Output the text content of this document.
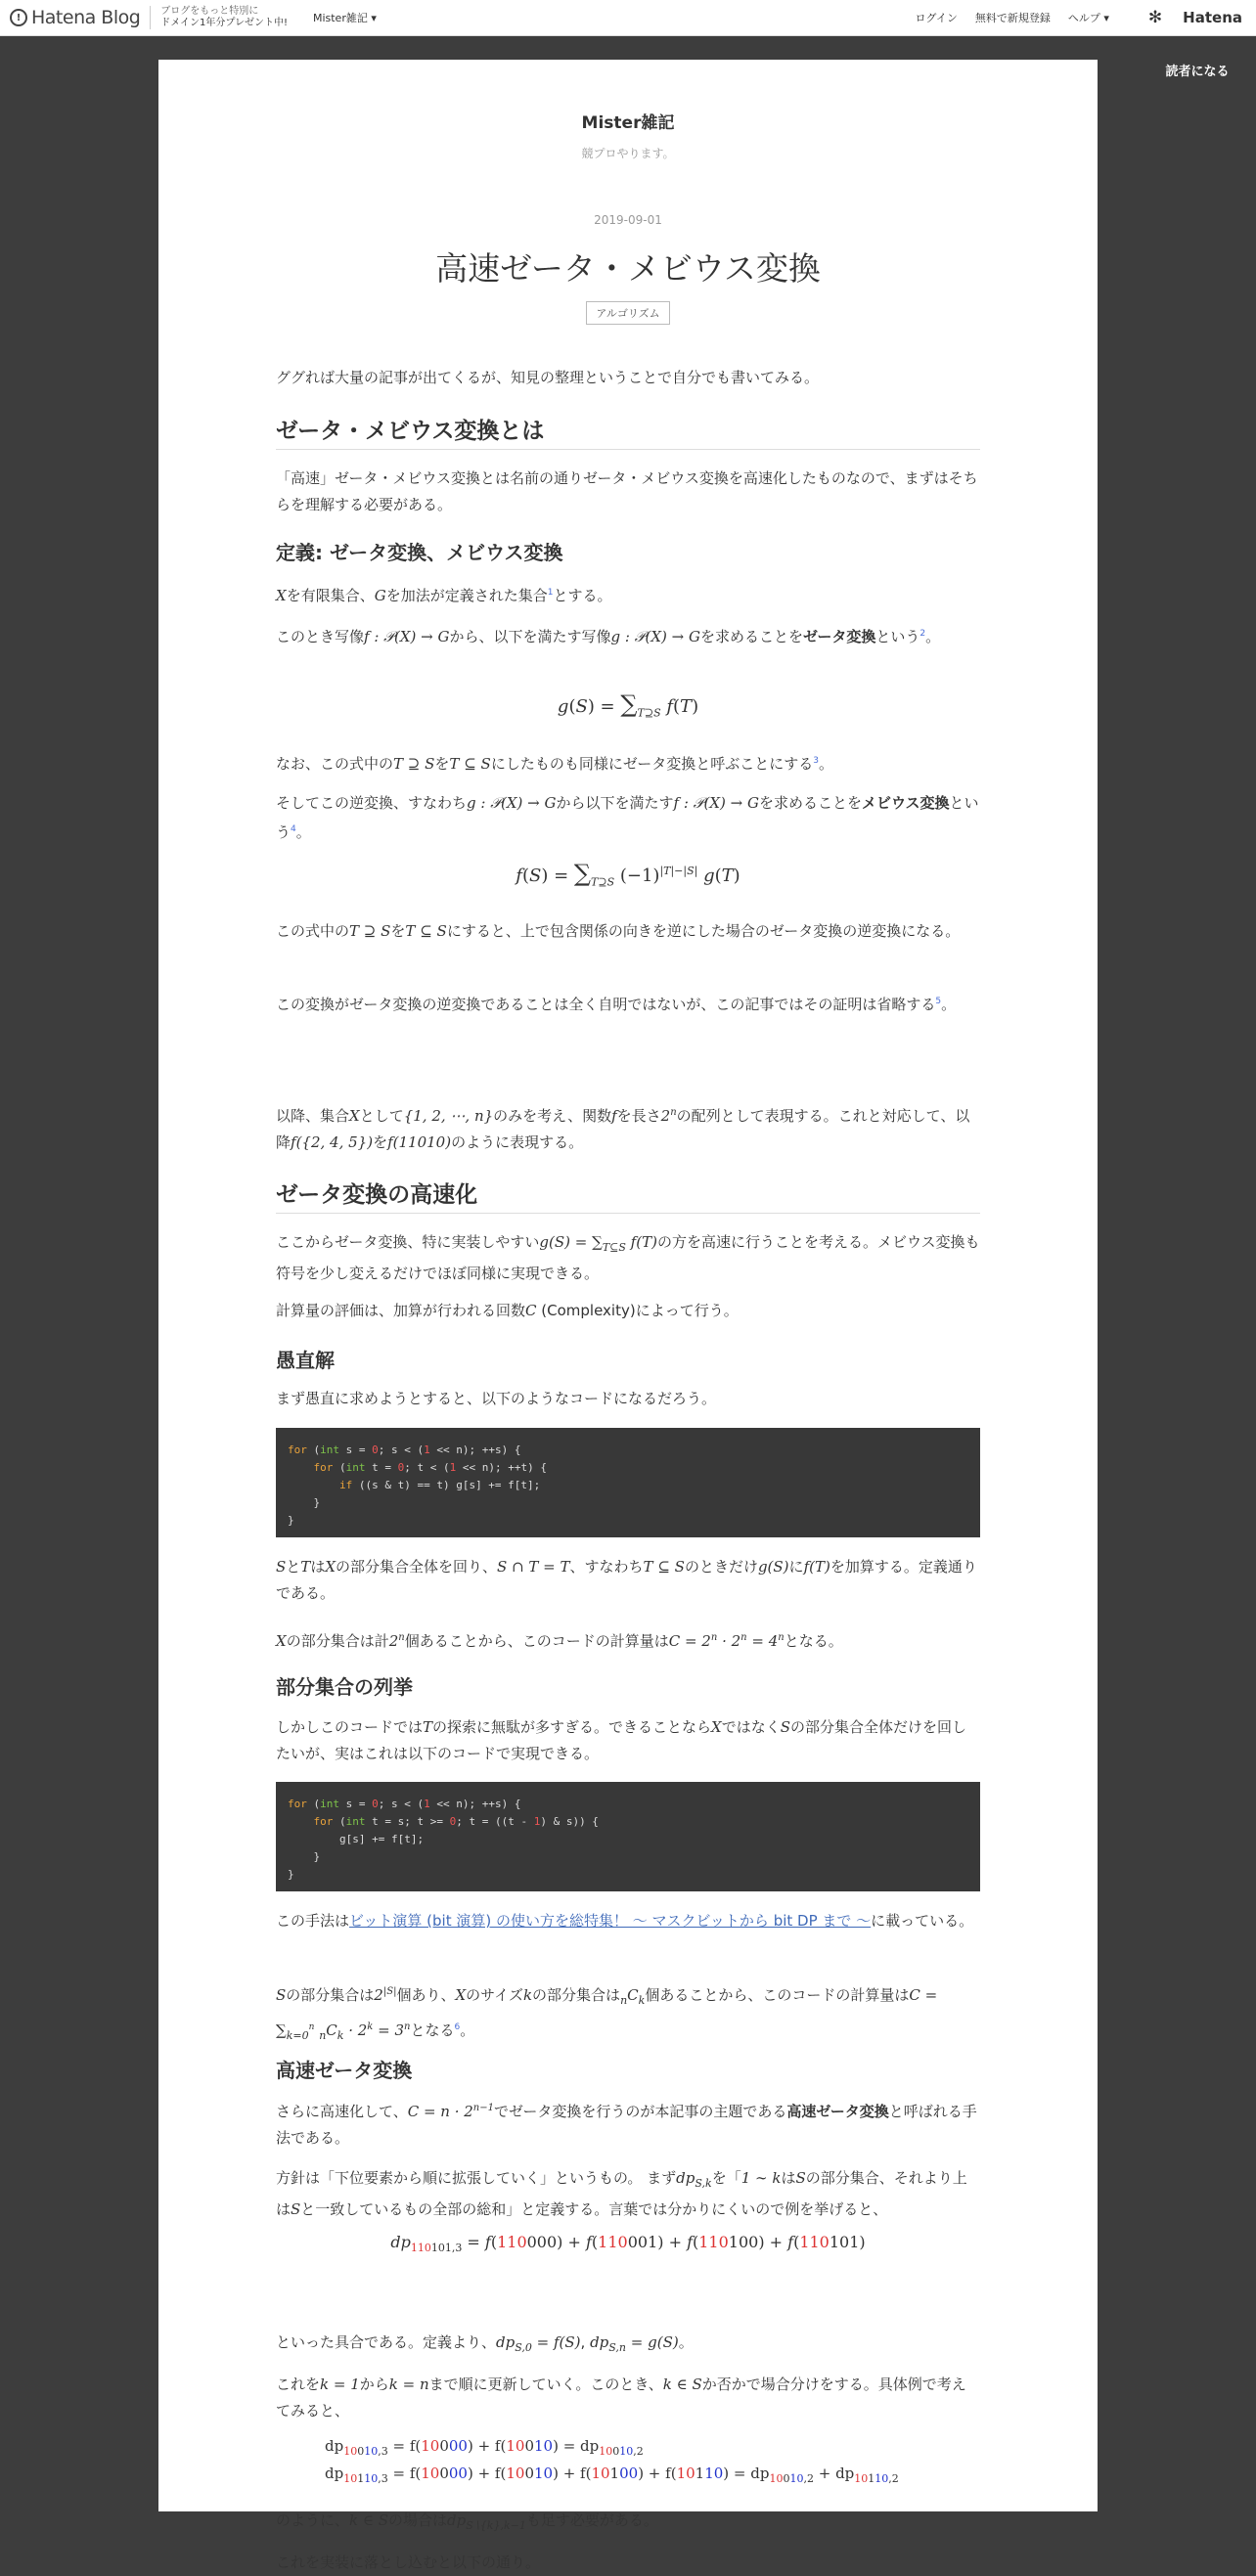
! Hatena Blog ブログをもっと特別に
ドメイン1年分プレゼント中! Mister雑記 ▾	ログイン 無料で新規登録 ヘルプ ▾ ✻ Hatena
読者になる
Mister雑記
競プロやります。
2019-09-01
高速ゼータ・メビウス変換
アルゴリズム
ググれば大量の記事が出てくるが、知見の整理ということで自分でも書いてみる。
ゼータ・メビウス変換とは
「高速」ゼータ・メビウス変換とは名前の通りゼータ・メビウス変換を高速化したものなので、まずはそちらを理解する必要がある。
定義: ゼータ変換、メビウス変換
Xを有限集合、Gを加法が定義された集合$^1$とする。
このとき写像f : 𝒫(X) → Gから、以下を満たす写像g : 𝒫(X) → Gを求めることをゼータ変換という$^2$。
$g(S) = \sum_{T⊇S}$ f(T)
なお、この式中のT ⊇ SをT ⊆ Sにしたものも同様にゼータ変換と呼ぶことにする$^3$。
そしてこの逆変換、すなわちg : 𝒫(X) → Gから以下を満たすf : 𝒫(X) → Gを求めることをメビウス変換という$^4$。
$f(S) = \sum_{T⊇S}$ $(-1)^{|T|-|S|}$ g(T)
この式中のT ⊇ SをT ⊆ Sにすると、上で包含関係の向きを逆にした場合のゼータ変換の逆変換になる。
この変換がゼータ変換の逆変換であることは全く自明ではないが、この記事ではその証明は省略する$^5$。
以降、集合Xとして{1, 2, ⋯, n}のみを考え、関数fを長さ2$^n$の配列として表現する。これと対応して、以降f({2, 4, 5})をf(11010)のように表現する。
ゼータ変換の高速化
ここからゼータ変換、特に実装しやすい$g(S) = \sum_{T⊆S}$ f(T)の方を高速に行うことを考える。メビウス変換も符号を少し変えるだけでほぼ同様に実現できる。
計算量の評価は、加算が行われる回数C (Complexity)によって行う。
愚直解
まず愚直に求めようとすると、以下のようなコードになるだろう。
for (int s = 0; s < (1 << n); ++s) {
for (int t = 0; t < (1 << n); ++t) {
if ((s & t) == t) g[s] += f[t];
}
}
SとTはXの部分集合全体を回り、S ∩ T = T、すなわちT ⊆ Sのときだけg(S)にf(T)を加算する。定義通りである。
Xの部分集合は計2$^n$個あることから、このコードの計算量は$C = 2^n \cdot 2^n = 4^n$となる。
部分集合の列挙
しかしこのコードではTの探索に無駄が多すぎる。できることならXではなくSの部分集合全体だけを回したいが、実はこれは以下のコードで実現できる。
for (int s = 0; s < (1 << n); ++s) {
for (int t = s; t >= 0; t = ((t - 1) & s)) {
g[s] += f[t];
}
}
この手法はビット演算 (bit 演算) の使い方を総特集！ 〜 マスクビットから bit DP まで 〜に載っている。
Sの部分集合は$2^{|S|}$個あり、Xのサイズkの部分集合は$_nC_k$個あることから、このコードの計算量は$C = \sum_{k=0}^n$ $_nC_k \cdot 2^k = 3^n$となる$^6$。
高速ゼータ変換
さらに高速化して、$C = n \cdot 2^{n-1}$でゼータ変換を行うのが本記事の主題である高速ゼータ変換と呼ばれる手法である。
方針は「下位要素から順に拡張していく」というもの。 まず$dp_{S,k}$を「1 ∼ kはSの部分集合、それより上はSと一致しているもの全部の総和」と定義する。言葉では分かりにくいので例を挙げると、
$dp_{110101,3} = f(110000) + f(110001) + f(110100) + f(110101)$
といった具合である。定義より、$dp_{S,0} = f(S)$, $dp_{S,n} = g(S)$。
これをk = 1からk = nまで順に更新していく。このとき、k ∈ Sか否かで場合分けをする。具体例で考えてみると、
$dp_{10010,3} = f(10000) + f(10010) = dp_{10010,2}$
$dp_{10110,3} = f(10000) + f(10010) + f(10100) + f(10110) = dp_{10010,2} + dp_{10110,2}$
のように、k ∈ Sの場合は$dp_{S∖\{k\},k-1}$も足す必要がある。
これを実装に落とし込むと以下の通り。
